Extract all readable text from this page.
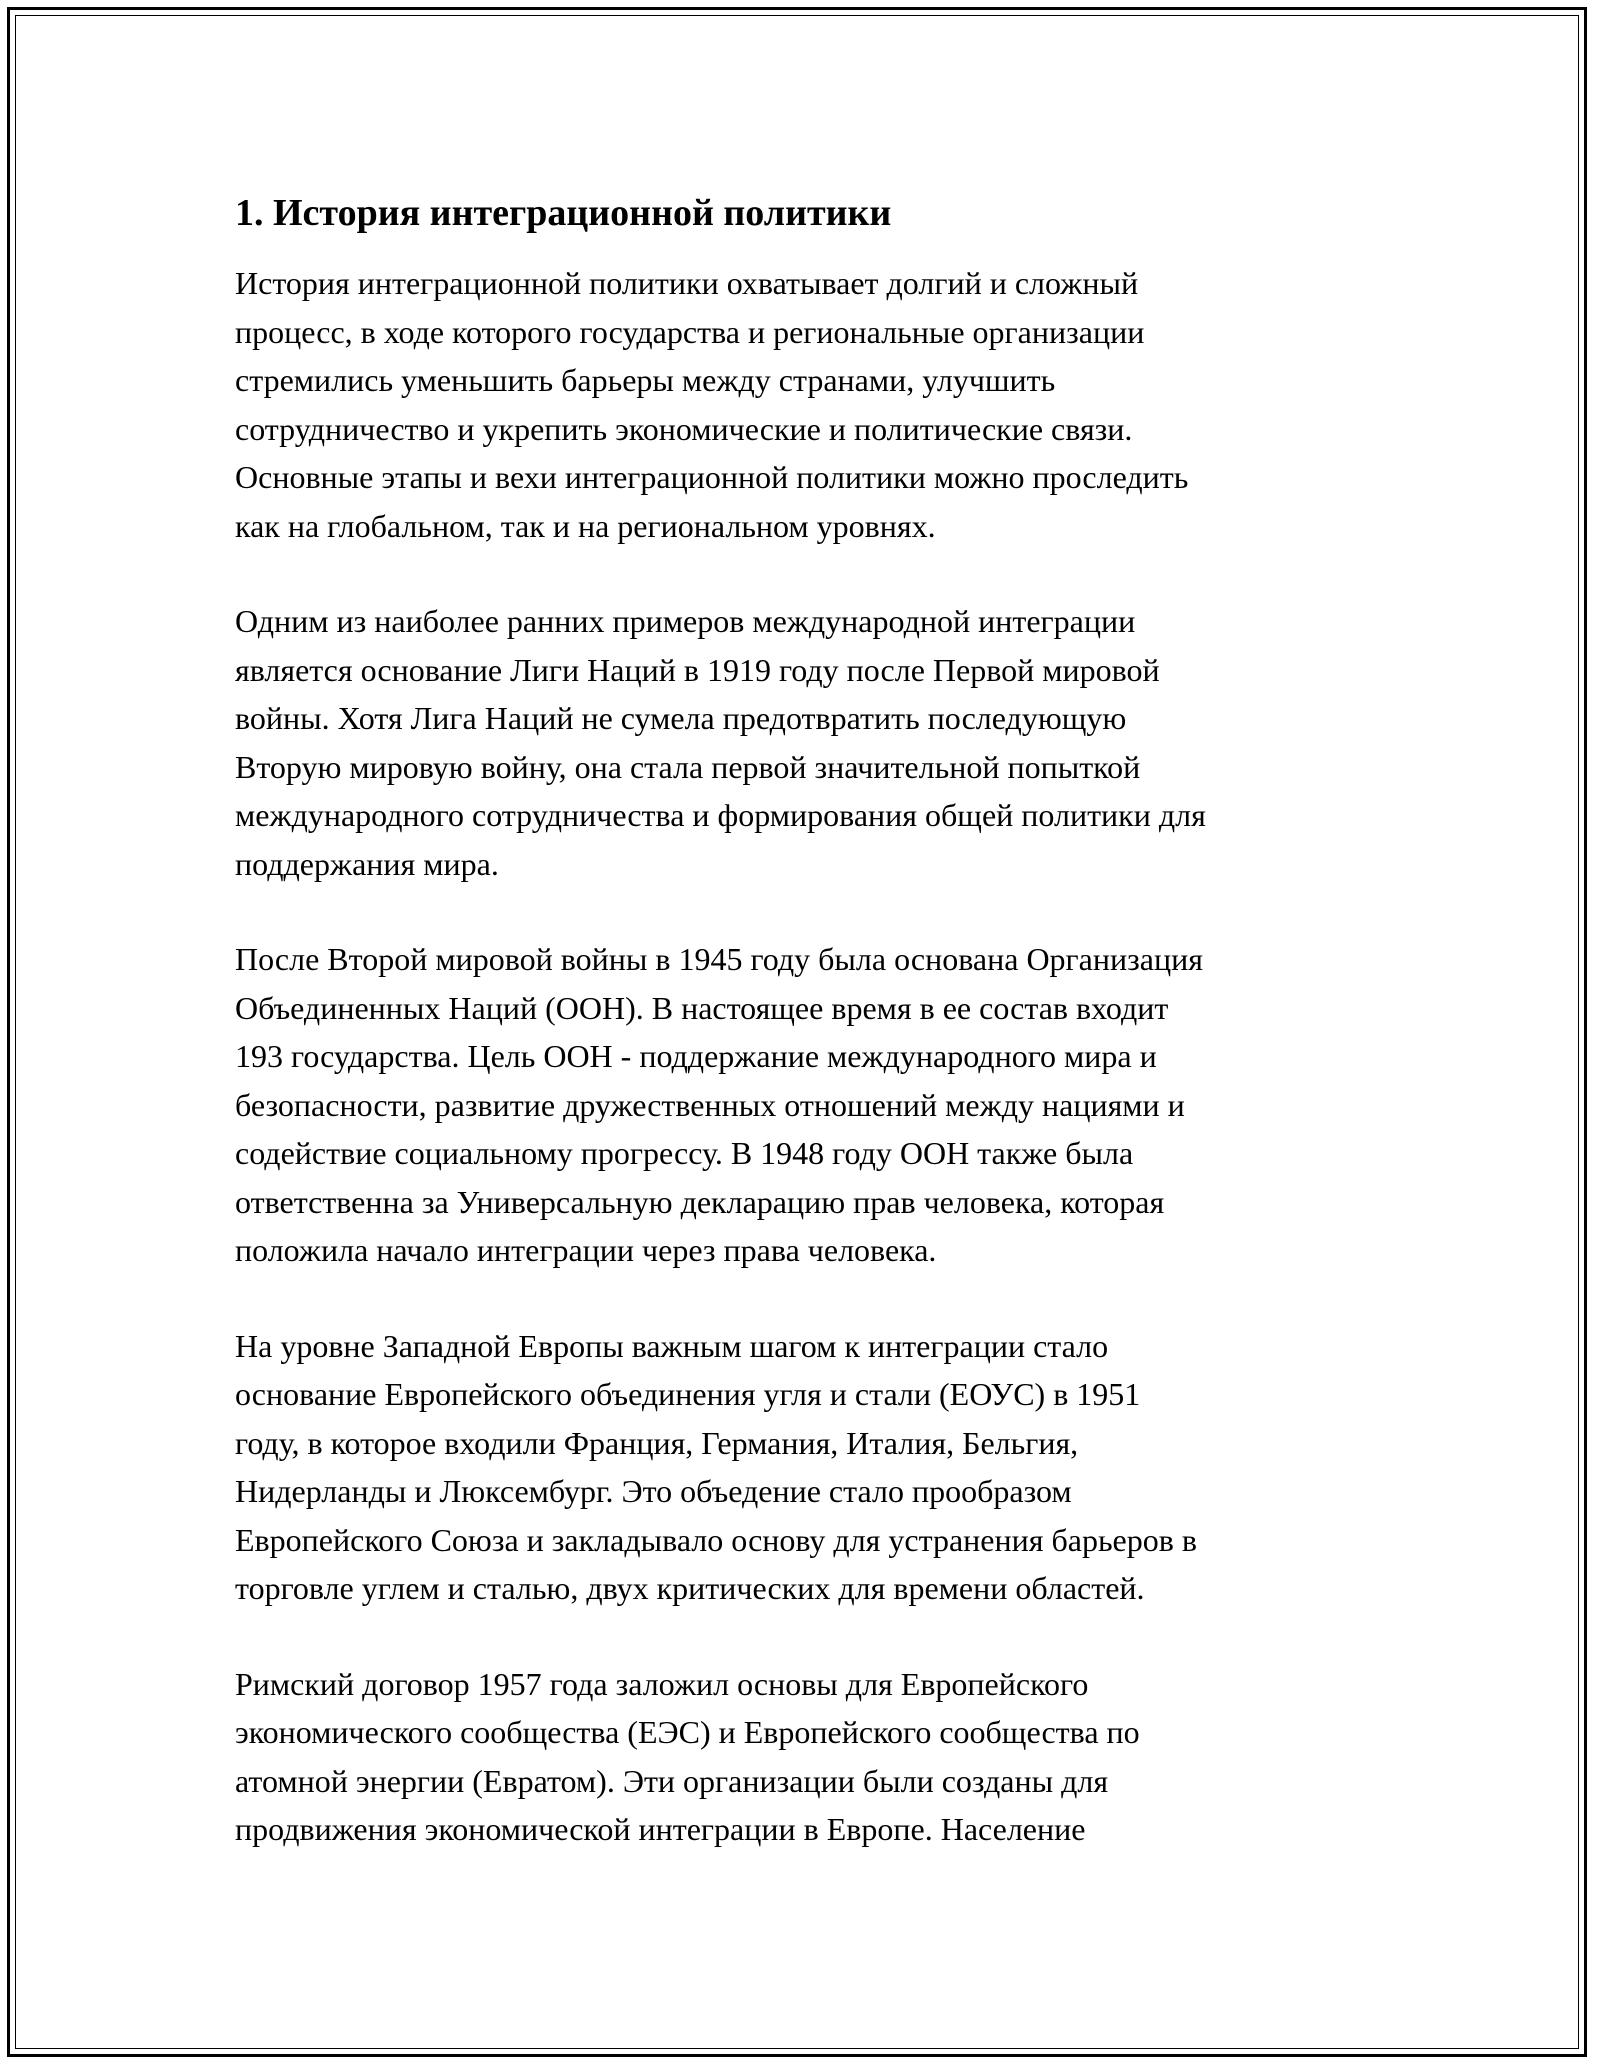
1. История интеграционной политики

История интеграционной политики охватывает долгий и сложный
процесс, в ходе которого государства и региональные организации
стремились уменьшить барьеры между странами, улучшить
сотрудничество и укрепить экономические и политические связи.
Основные этапы и вехи интеграционной политики можно проследить
как на глобальном, так и на региональном уровнях.

Одним из наиболее ранних примеров международной интеграции
является основание Лиги Наций в 1919 году после Первой мировой
войны. Хотя Лига Наций не сумела предотвратить последующую
Вторую мировую войну, она стала первой значительной попыткой
международного сотрудничества и формирования общей политики для
поддержания мира.

После Второй мировой войны в 1945 году была основана Организация
Объединенных Наций (ООН). В настоящее время в ее состав входит
193 государства. Цель ООН - поддержание международного мира и
безопасности, развитие дружественных отношений между нациями и
содействие социальному прогрессу. В 1948 году ООН также была
ответственна за Универсальную декларацию прав человека, которая
положила начало интеграции через права человека.

На уровне Западной Европы важным шагом к интеграции стало
основание Европейского объединения угля и стали (ЕОУС) в 1951
году, в которое входили Франция, Германия, Италия, Бельгия,
Нидерланды и Люксембург. Это объедение стало прообразом
Европейского Союза и закладывало основу для устранения барьеров в
торговле углем и сталью, двух критических для времени областей.

Римский договор 1957 года заложил основы для Европейского
экономического сообщества (ЕЭС) и Европейского сообщества по
атомной энергии (Евратом). Эти организации были созданы для
продвижения экономической интеграции в Европе. Население
